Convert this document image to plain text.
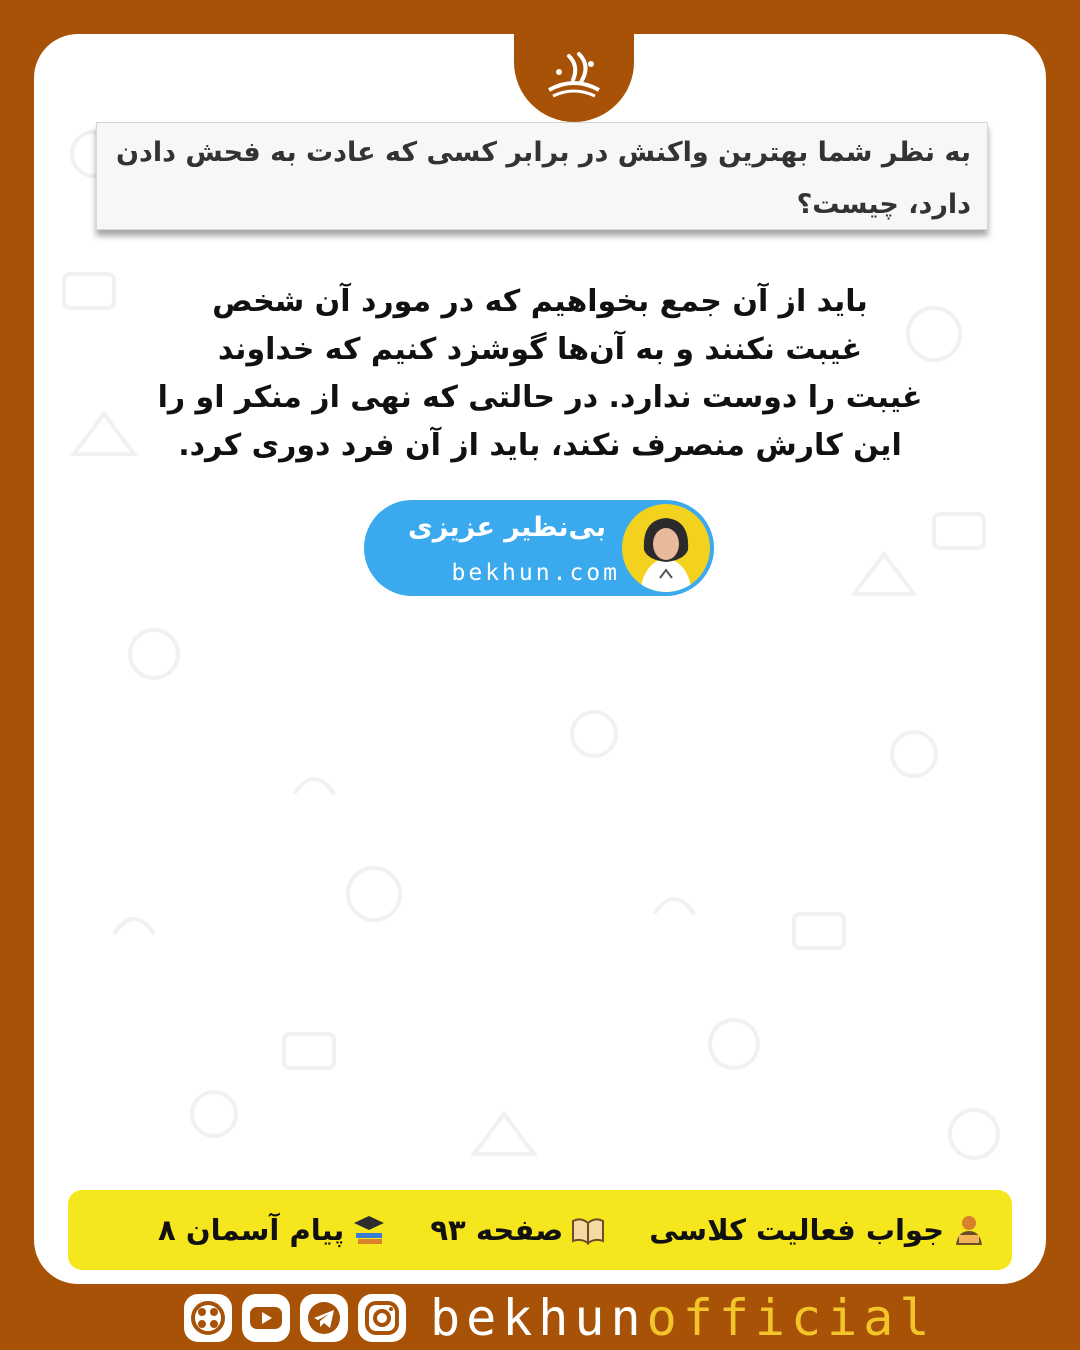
به نظر شما بهترین واکنش در برابر کسی که عادت به فحش دادن دارد، چیست؟
باید از آن جمع بخواهیم که در مورد آن شخص
غیبت نکنند و به آن‌ها گوشزد کنیم که خداوند
غیبت را دوست ندارد. در حالتی که نهی از منکر او را
این کارش منصرف نکند، باید از آن فرد دوری کرد.
بی‌نظیر عزیزی
bekhun.com
جواب فعالیت کلاسی
صفحه ۹۳
پیام آسمان ۸
bekhunofficial
